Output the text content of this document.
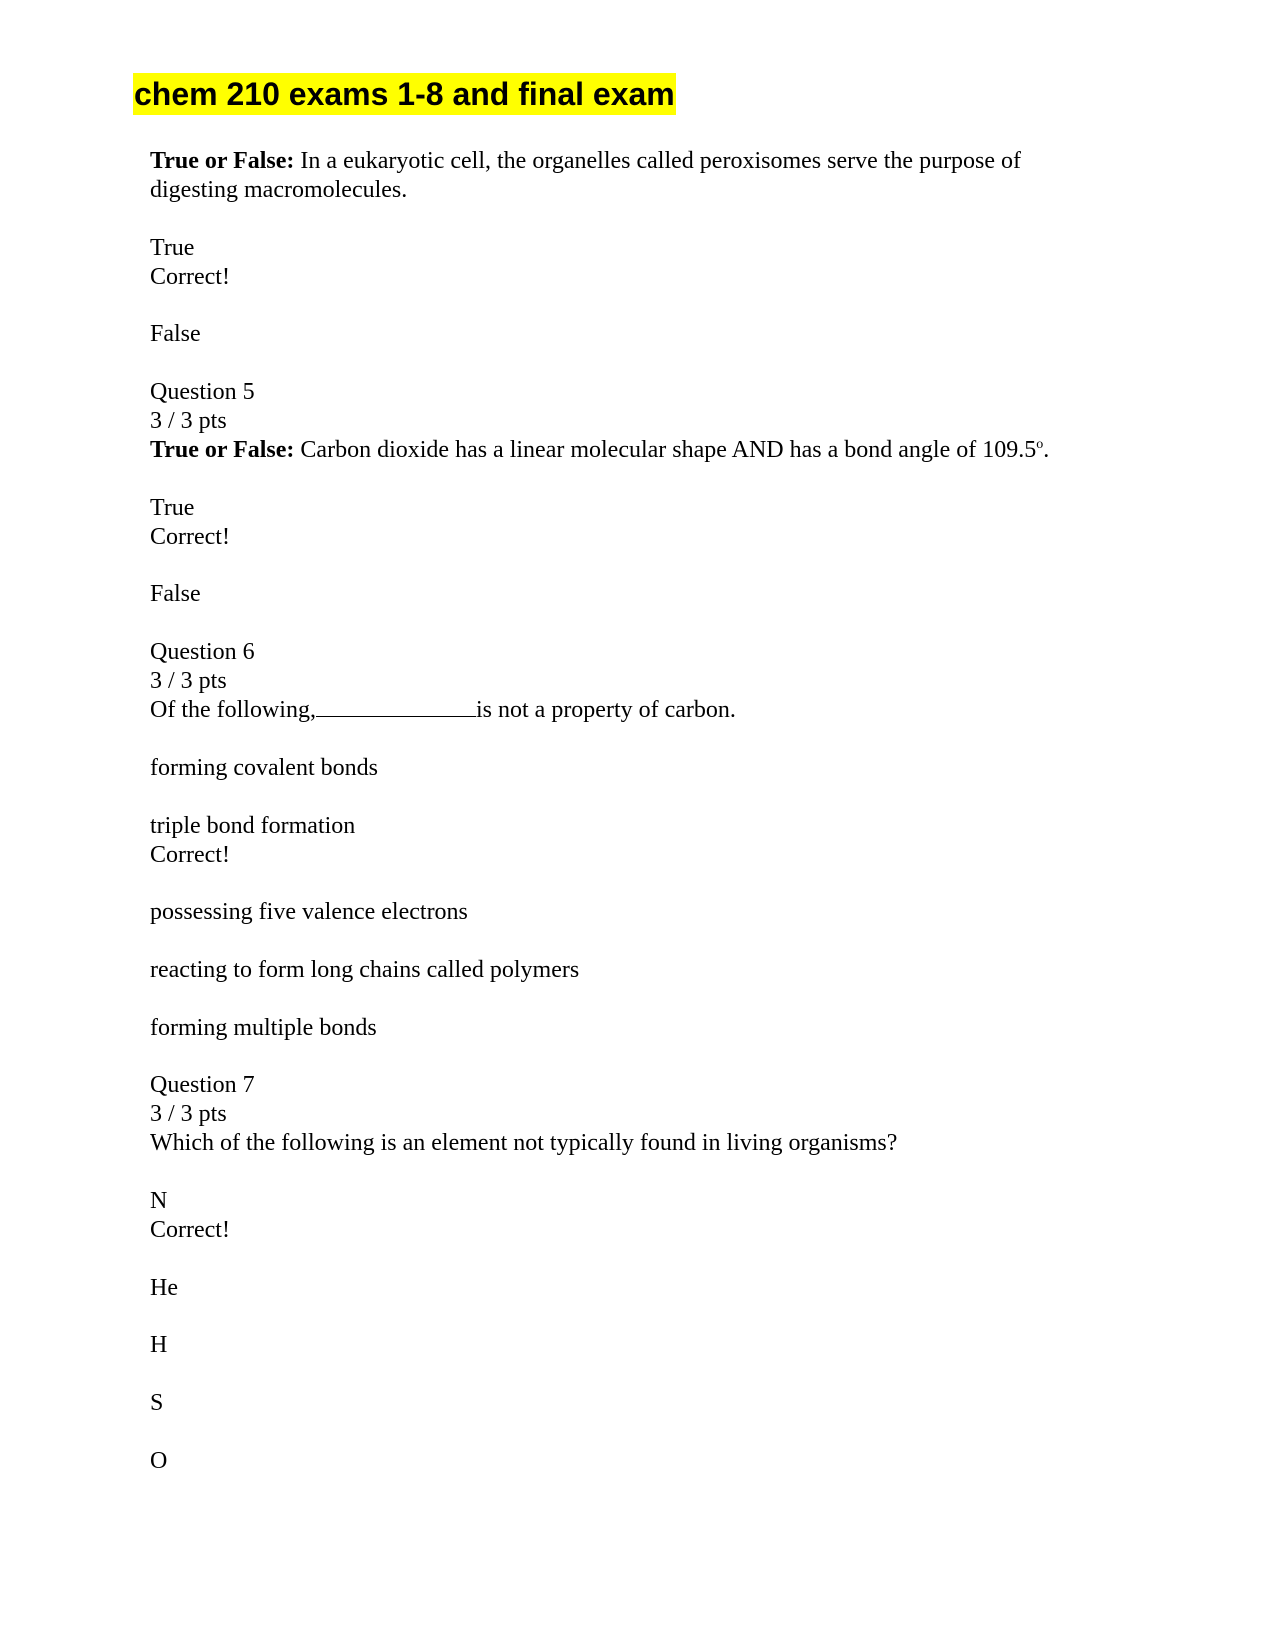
chem 210 exams 1-8 and final exam
True or False: In a eukaryotic cell, the organelles called peroxisomes serve the purpose of digesting macromolecules.
True
Correct!
False
Question 5
3 / 3 pts
True or False: Carbon dioxide has a linear molecular shape AND has a bond angle of 109.5$^o$.
True
Correct!
False
Question 6
3 / 3 pts
Of the following,	is not a property of carbon.
forming covalent bonds
triple bond formation
Correct!
possessing five valence electrons
reacting to form long chains called polymers
forming multiple bonds
Question 7
3 / 3 pts
Which of the following is an element not typically found in living organisms?
N
Correct!
He
H
S
O
